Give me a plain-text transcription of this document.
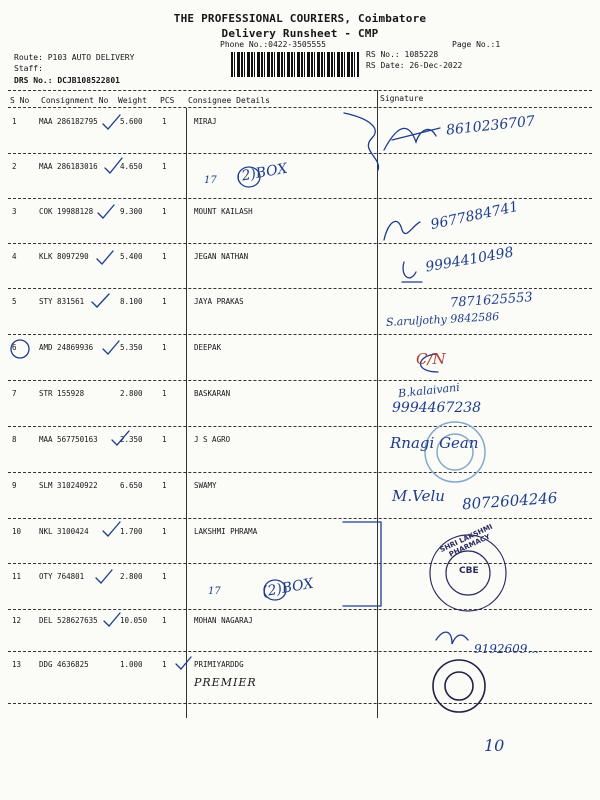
THE PROFESSIONAL COURIERS, Coimbatore
Delivery Runsheet - CMP
Phone No.:0422-3505555	Page No.:1
Route: P103 AUTO DELIVERY
Staff:
DRS No.: DCJB108522801
RS No.: 1085228
RS Date: 26-Dec-2022
S No Consignment No Weight PCS Consignee Details	Signature
1	MAA 286182795	5.600	1	MIRAJ
2	MAA 286183016	4.650	1
3	COK 19988128	9.300	1	MOUNT KAILASH
4	KLK 8097290	5.400	1	JEGAN NATHAN
5	STY 831561	8.100	1	JAYA PRAKAS
6	AMD 24869936	5.350	1	DEEPAK
7	STR 155928	2.800	1	BASKARAN
8	MAA 567750163	2.350	1	J S AGRO
9	SLM 310240922	6.650	1	SWAMY
10 NKL 3100424	1.700	1	LAKSHMI PHRAMA
11 OTY 764801	2.800	1
12 DEL 528627635	10.050 1	MOHAN NAGARAJ
13 DDG 4636825	1.000	1	PRIMIYARDDG
8610236707
(2)BOX
17
9677884741
9994410498
7871625553
S.aruljothy 9842586
C/N
B.kalaivani
9994467238
Rnagi Gean
M.Velu 8072604246
(2)BOX
17
9192609...
PREMIER
10
SHRI LAKSHMI PHARMACY
CBE
